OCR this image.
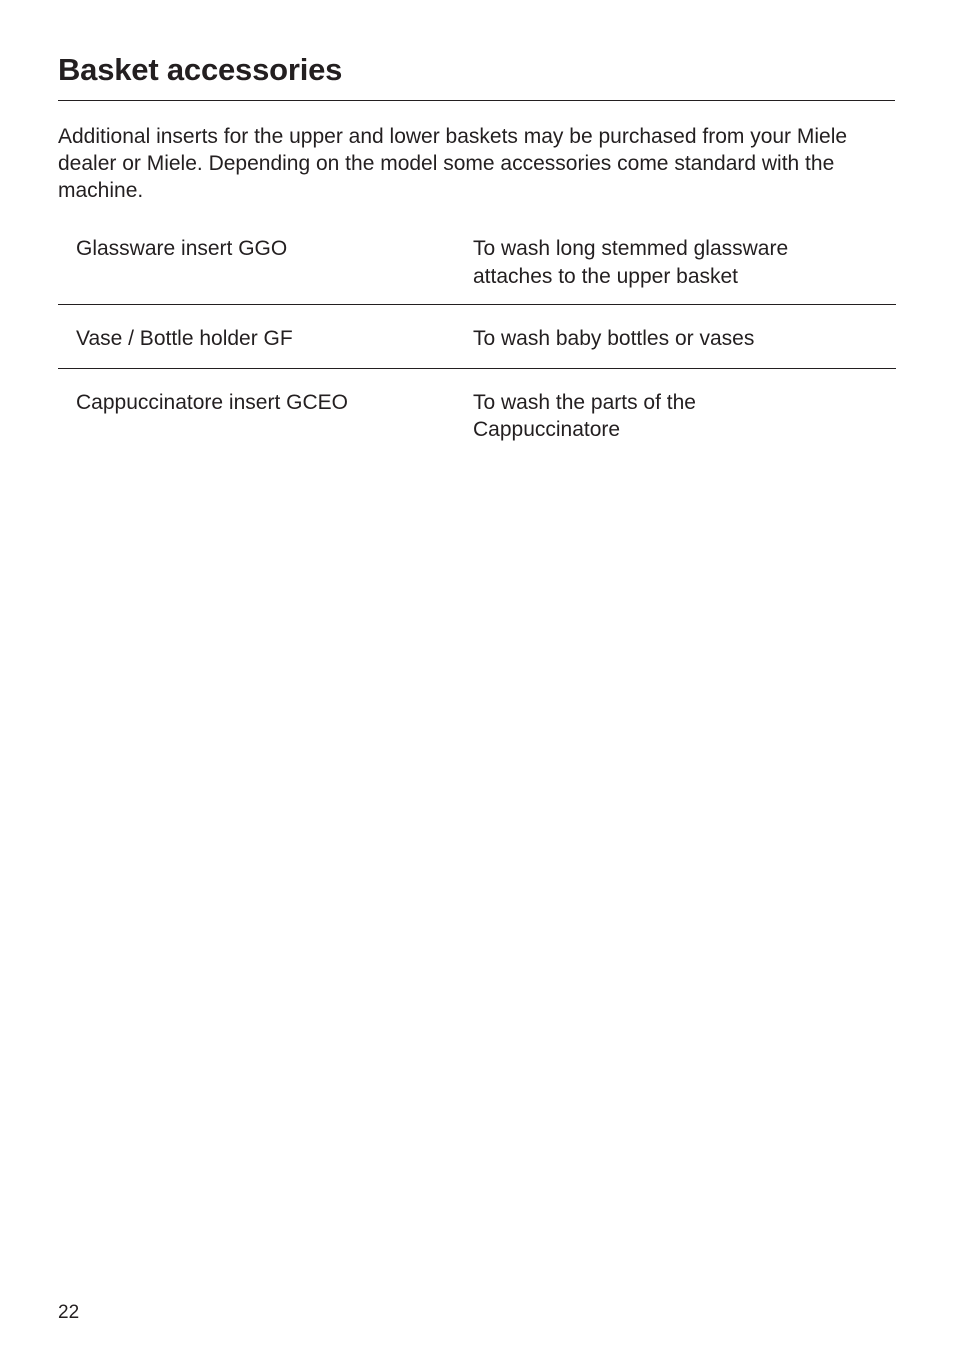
Basket accessories

Additional inserts for the upper and lower baskets may be purchased from your Miele dealer or Miele. Depending on the model some accessories come standard with the machine.

Glassware insert GGO	To wash long stemmed glassware
attaches to the upper basket
Vase / Bottle holder GF	To wash baby bottles or vases
Cappuccinatore insert GCEO	To wash the parts of the
Cappuccinatore
22
